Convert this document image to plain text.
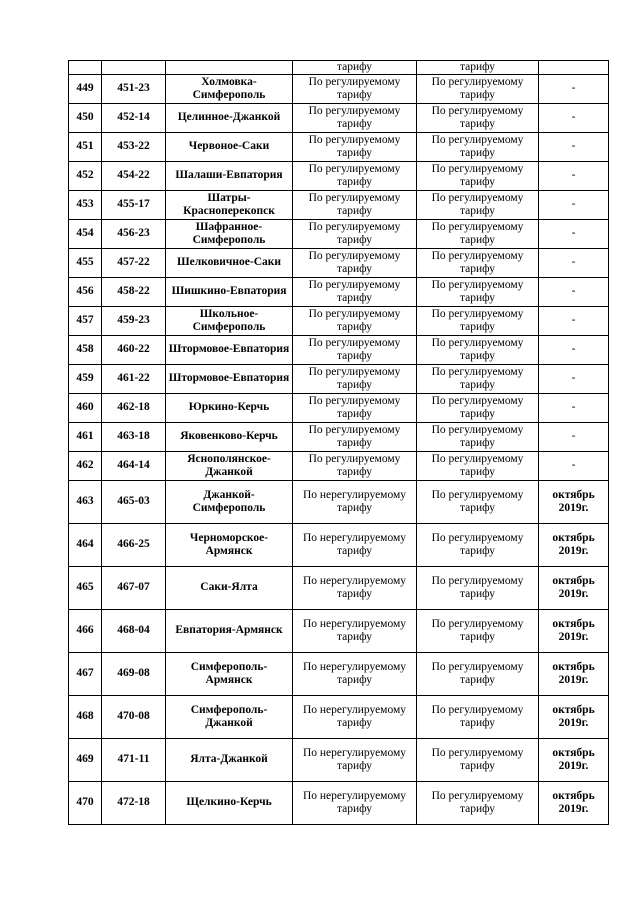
			тарифу	тарифу	
449	451-23	Холмовка-Симферополь	По регулируемому тарифу	По регулируемому тарифу	-
450	452-14	Целинное-Джанкой	По регулируемому тарифу	По регулируемому тарифу	-
451	453-22	Червоное-Саки	По регулируемому тарифу	По регулируемому тарифу	-
452	454-22	Шалаши-Евпатория	По регулируемому тарифу	По регулируемому тарифу	-
453	455-17	Шатры-Красноперекопск	По регулируемому тарифу	По регулируемому тарифу	-
454	456-23	Шафранное-Симферополь	По регулируемому тарифу	По регулируемому тарифу	-
455	457-22	Шелковичное-Саки	По регулируемому тарифу	По регулируемому тарифу	-
456	458-22	Шишкино-Евпатория	По регулируемому тарифу	По регулируемому тарифу	-
457	459-23	Школьное-Симферополь	По регулируемому тарифу	По регулируемому тарифу	-
458	460-22	Штормовое-Евпатория	По регулируемому тарифу	По регулируемому тарифу	-
459	461-22	Штормовое-Евпатория	По регулируемому тарифу	По регулируемому тарифу	-
460	462-18	Юркино-Керчь	По регулируемому тарифу	По регулируемому тарифу	-
461	463-18	Яковенково-Керчь	По регулируемому тарифу	По регулируемому тарифу	-
462	464-14	Яснополянское-Джанкой	По регулируемому тарифу	По регулируемому тарифу	-
463	465-03	Джанкой-Симферополь	По нерегулируемому тарифу	По регулируемому тарифу	октябрь 2019г.
464	466-25	Черноморское-Армянск	По нерегулируемому тарифу	По регулируемому тарифу	октябрь 2019г.
465	467-07	Саки-Ялта	По нерегулируемому тарифу	По регулируемому тарифу	октябрь 2019г.
466	468-04	Евпатория-Армянск	По нерегулируемому тарифу	По регулируемому тарифу	октябрь 2019г.
467	469-08	Симферополь-Армянск	По нерегулируемому тарифу	По регулируемому тарифу	октябрь 2019г.
468	470-08	Симферополь-Джанкой	По нерегулируемому тарифу	По регулируемому тарифу	октябрь 2019г.
469	471-11	Ялта-Джанкой	По нерегулируемому тарифу	По регулируемому тарифу	октябрь 2019г.
470	472-18	Щелкино-Керчь	По нерегулируемому тарифу	По регулируемому тарифу	октябрь 2019г.
